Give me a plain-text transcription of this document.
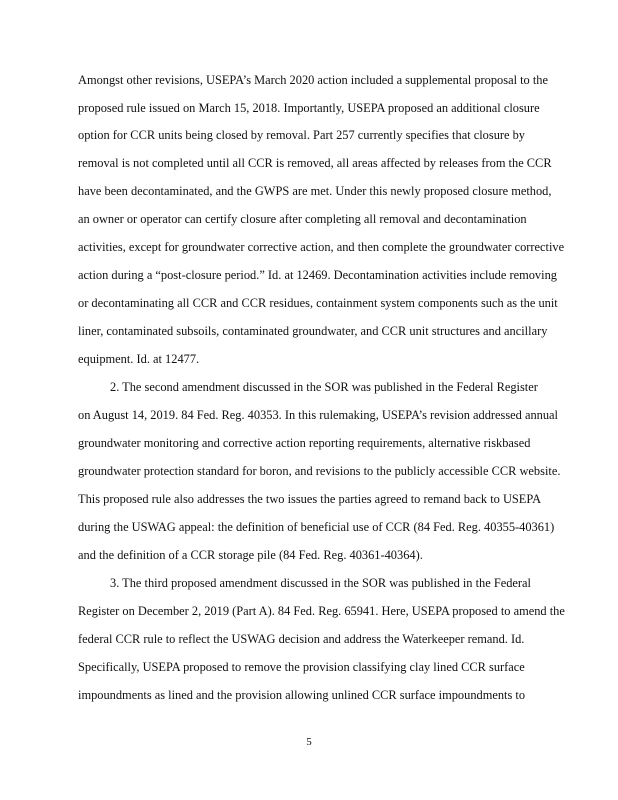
Amongst other revisions, USEPA’s March 2020 action included a supplemental proposal to the
proposed rule issued on March 15, 2018. Importantly, USEPA proposed an additional closure
option for CCR units being closed by removal. Part 257 currently specifies that closure by
removal is not completed until all CCR is removed, all areas affected by releases from the CCR
have been decontaminated, and the GWPS are met. Under this newly proposed closure method,
an owner or operator can certify closure after completing all removal and decontamination
activities, except for groundwater corrective action, and then complete the groundwater corrective
action during a “post-closure period.” Id. at 12469. Decontamination activities include removing
or decontaminating all CCR and CCR residues, containment system components such as the unit
liner, contaminated subsoils, contaminated groundwater, and CCR unit structures and ancillary
equipment. Id. at 12477.
2. The second amendment discussed in the SOR was published in the Federal Register
on August 14, 2019. 84 Fed. Reg. 40353. In this rulemaking, USEPA’s revision addressed annual
groundwater monitoring and corrective action reporting requirements, alternative riskbased
groundwater protection standard for boron, and revisions to the publicly accessible CCR website.
This proposed rule also addresses the two issues the parties agreed to remand back to USEPA
during the USWAG appeal: the definition of beneficial use of CCR (84 Fed. Reg. 40355-40361)
and the definition of a CCR storage pile (84 Fed. Reg. 40361-40364).
3. The third proposed amendment discussed in the SOR was published in the Federal
Register on December 2, 2019 (Part A). 84 Fed. Reg. 65941. Here, USEPA proposed to amend the
federal CCR rule to reflect the USWAG decision and address the Waterkeeper remand. Id.
Specifically, USEPA proposed to remove the provision classifying clay lined CCR surface
impoundments as lined and the provision allowing unlined CCR surface impoundments to
5
